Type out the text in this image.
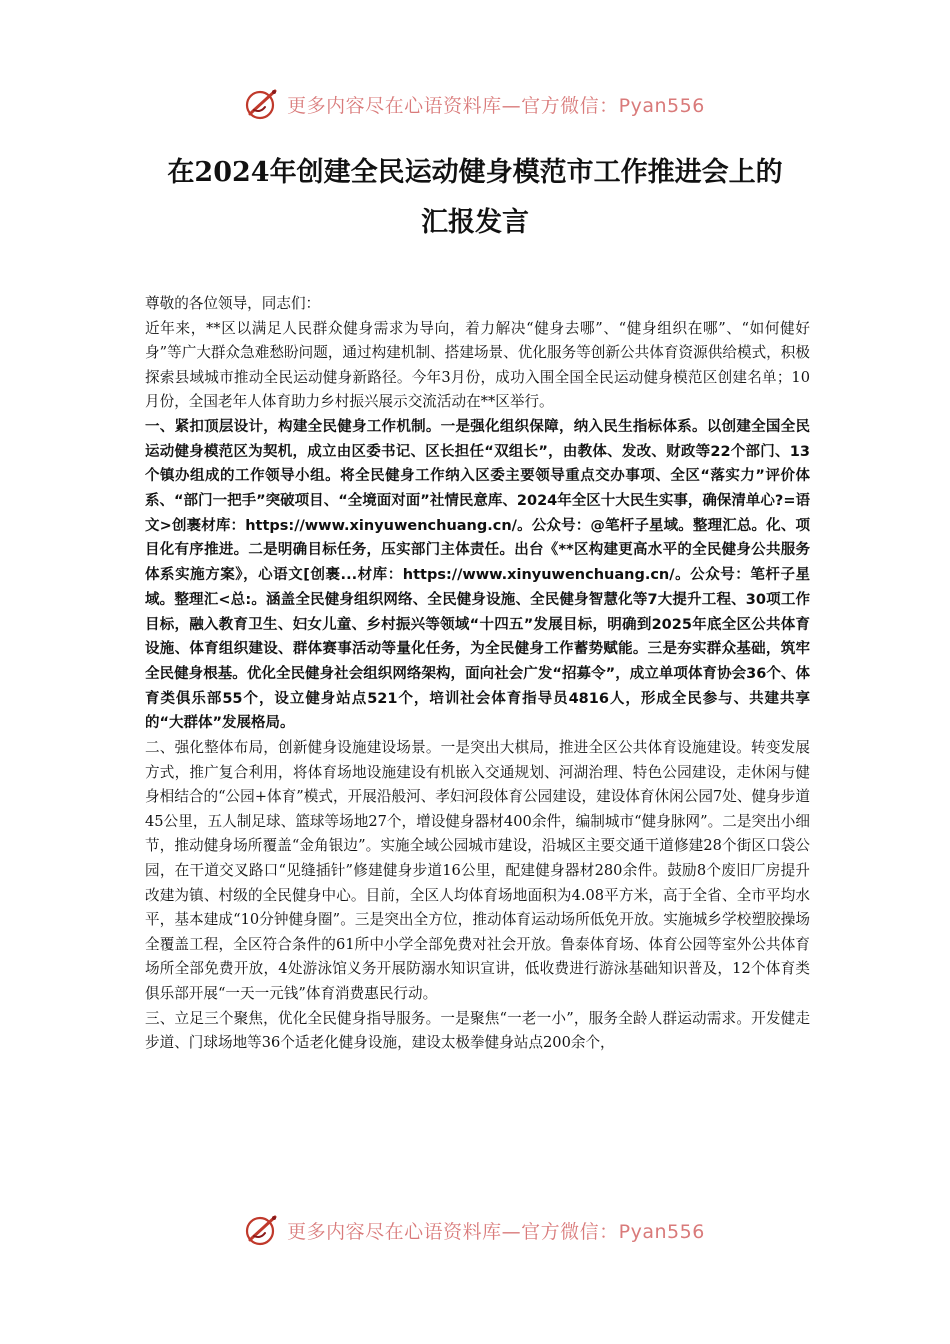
更多内容尽在心语资料库—官方微信：Pyan556
在2024年创建全民运动健身模范市工作推进会上的
汇报发言

尊敬的各位领导，同志们：

近年来，**区以满足人民群众健身需求为导向，着力解决“健身去哪”、“健身组织在哪”、“如何健好身”等广大群众急难愁盼问题，通过构建机制、搭建场景、优化服务等创新公共体育资源供给模式，积极探索县域城市推动全民运动健身新路径。今年3月份，成功入围全国全民运动健身模范区创建名单；10月份，全国老年人体育助力乡村振兴展示交流活动在**区举行。

一、紧扣顶层设计，构建全民健身工作机制。一是强化组织保障，纳入民生指标体系。以创建全国全民运动健身模范区为契机，成立由区委书记、区长担任“双组长”，由教体、发改、财政等22个部门、13个镇办组成的工作领导小组。将全民健身工作纳入区委主要领导重点交办事项、全区“落实力”评价体系、“部门一把手”突破项目、“全境面对面”社情民意库、2024年全区十大民生实事，确保清单心?=语文>创裹材库：https://www.xinyuwenchuang.cn/。公众号：@笔杆子星域。整理汇总。化、项目化有序推进。二是明确目标任务，压实部门主体责任。出台《**区构建更高水平的全民健身公共服务体系实施方案》，心语文[创裹...材库：https://www.xinyuwenchuang.cn/。公众号：笔杆子星域。整理汇<总:。涵盖全民健身组织网络、全民健身设施、全民健身智慧化等7大提升工程、30项工作目标，融入教育卫生、妇女儿童、乡村振兴等领域“十四五”发展目标，明确到2025年底全区公共体育设施、体育组织建设、群体赛事活动等量化任务，为全民健身工作蓄势赋能。三是夯实群众基础，筑牢全民健身根基。优化全民健身社会组织网络架构，面向社会广发“招募令”，成立单项体育协会36个、体育类俱乐部55个，设立健身站点521个，培训社会体育指导员4816人，形成全民参与、共建共享的“大群体”发展格局。

二、强化整体布局，创新健身设施建设场景。一是突出大棋局，推进全区公共体育设施建设。转变发展方式，推广复合利用，将体育场地设施建设有机嵌入交通规划、河湖治理、特色公园建设，走休闲与健身相结合的“公园+体育”模式，开展沿般河、孝妇河段体育公园建设，建设体育休闲公园7处、健身步道45公里，五人制足球、篮球等场地27个，增设健身器材400余件，编制城市“健身脉网”。二是突出小细节，推动健身场所覆盖“金角银边”。实施全域公园城市建设，沿城区主要交通干道修建28个街区口袋公园，在干道交叉路口“见缝插针”修建健身步道16公里，配建健身器材280余件。鼓励8个废旧厂房提升改建为镇、村级的全民健身中心。目前，全区人均体育场地面积为4.08平方米，高于全省、全市平均水平，基本建成“10分钟健身圈”。三是突出全方位，推动体育运动场所低免开放。实施城乡学校塑胶操场全覆盖工程，全区符合条件的61所中小学全部免费对社会开放。鲁泰体育场、体育公园等室外公共体育场所全部免费开放，4处游泳馆义务开展防溺水知识宣讲，低收费进行游泳基础知识普及，12个体育类俱乐部开展“一天一元钱”体育消费惠民行动。

三、立足三个聚焦，优化全民健身指导服务。一是聚焦“一老一小”，服务全龄人群运动需求。开发健走步道、门球场地等36个适老化健身设施，建设太极拳健身站点200余个，

更多内容尽在心语资料库—官方微信：Pyan556
